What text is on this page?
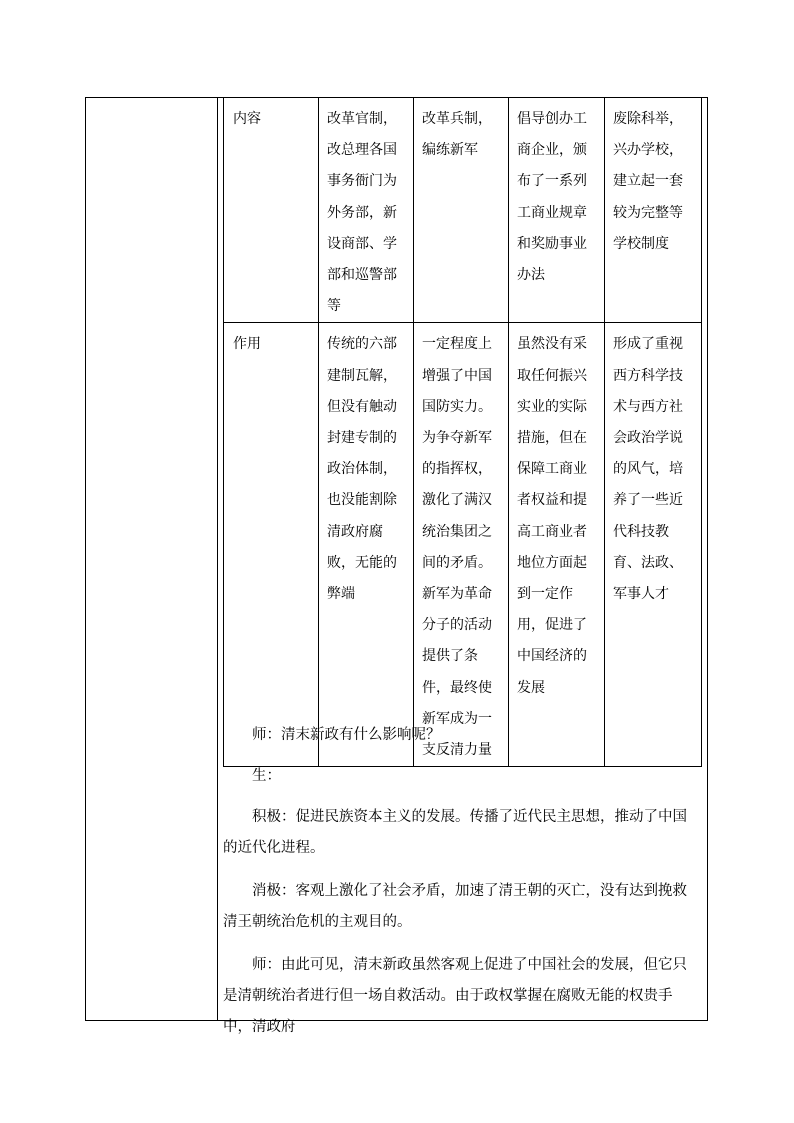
内容	改革官制，改总理各国事务衙门为外务部，新设商部、学部和巡警部等	改革兵制，编练新军	倡导创办工商企业，颁布了一系列工商业规章和奖励事业办法	废除科举，兴办学校，建立起一套较为完整等学校制度
作用	传统的六部建制瓦解，但没有触动封建专制的政治体制，也没能割除清政府腐败，无能的弊端	一定程度上增强了中国国防实力。为争夺新军的指挥权，激化了满汉统治集团之间的矛盾。新军为革命分子的活动提供了条件，最终使新军成为一支反清力量	虽然没有采取任何振兴实业的实际措施，但在保障工商业者权益和提高工商业者地位方面起到一定作用，促进了中国经济的发展	形成了重视西方科学技术与西方社会政治学说的风气，培养了一些近代科技教育、法政、军事人才

师：清末新政有什么影响呢？

生：

积极：促进民族资本主义的发展。传播了近代民主思想，推动了中国的近代化进程。

消极：客观上激化了社会矛盾，加速了清王朝的灭亡，没有达到挽救清王朝统治危机的主观目的。

师：由此可见，清末新政虽然客观上促进了中国社会的发展，但它只是清朝统治者进行但一场自救活动。由于政权掌握在腐败无能的权贵手中，清政府
